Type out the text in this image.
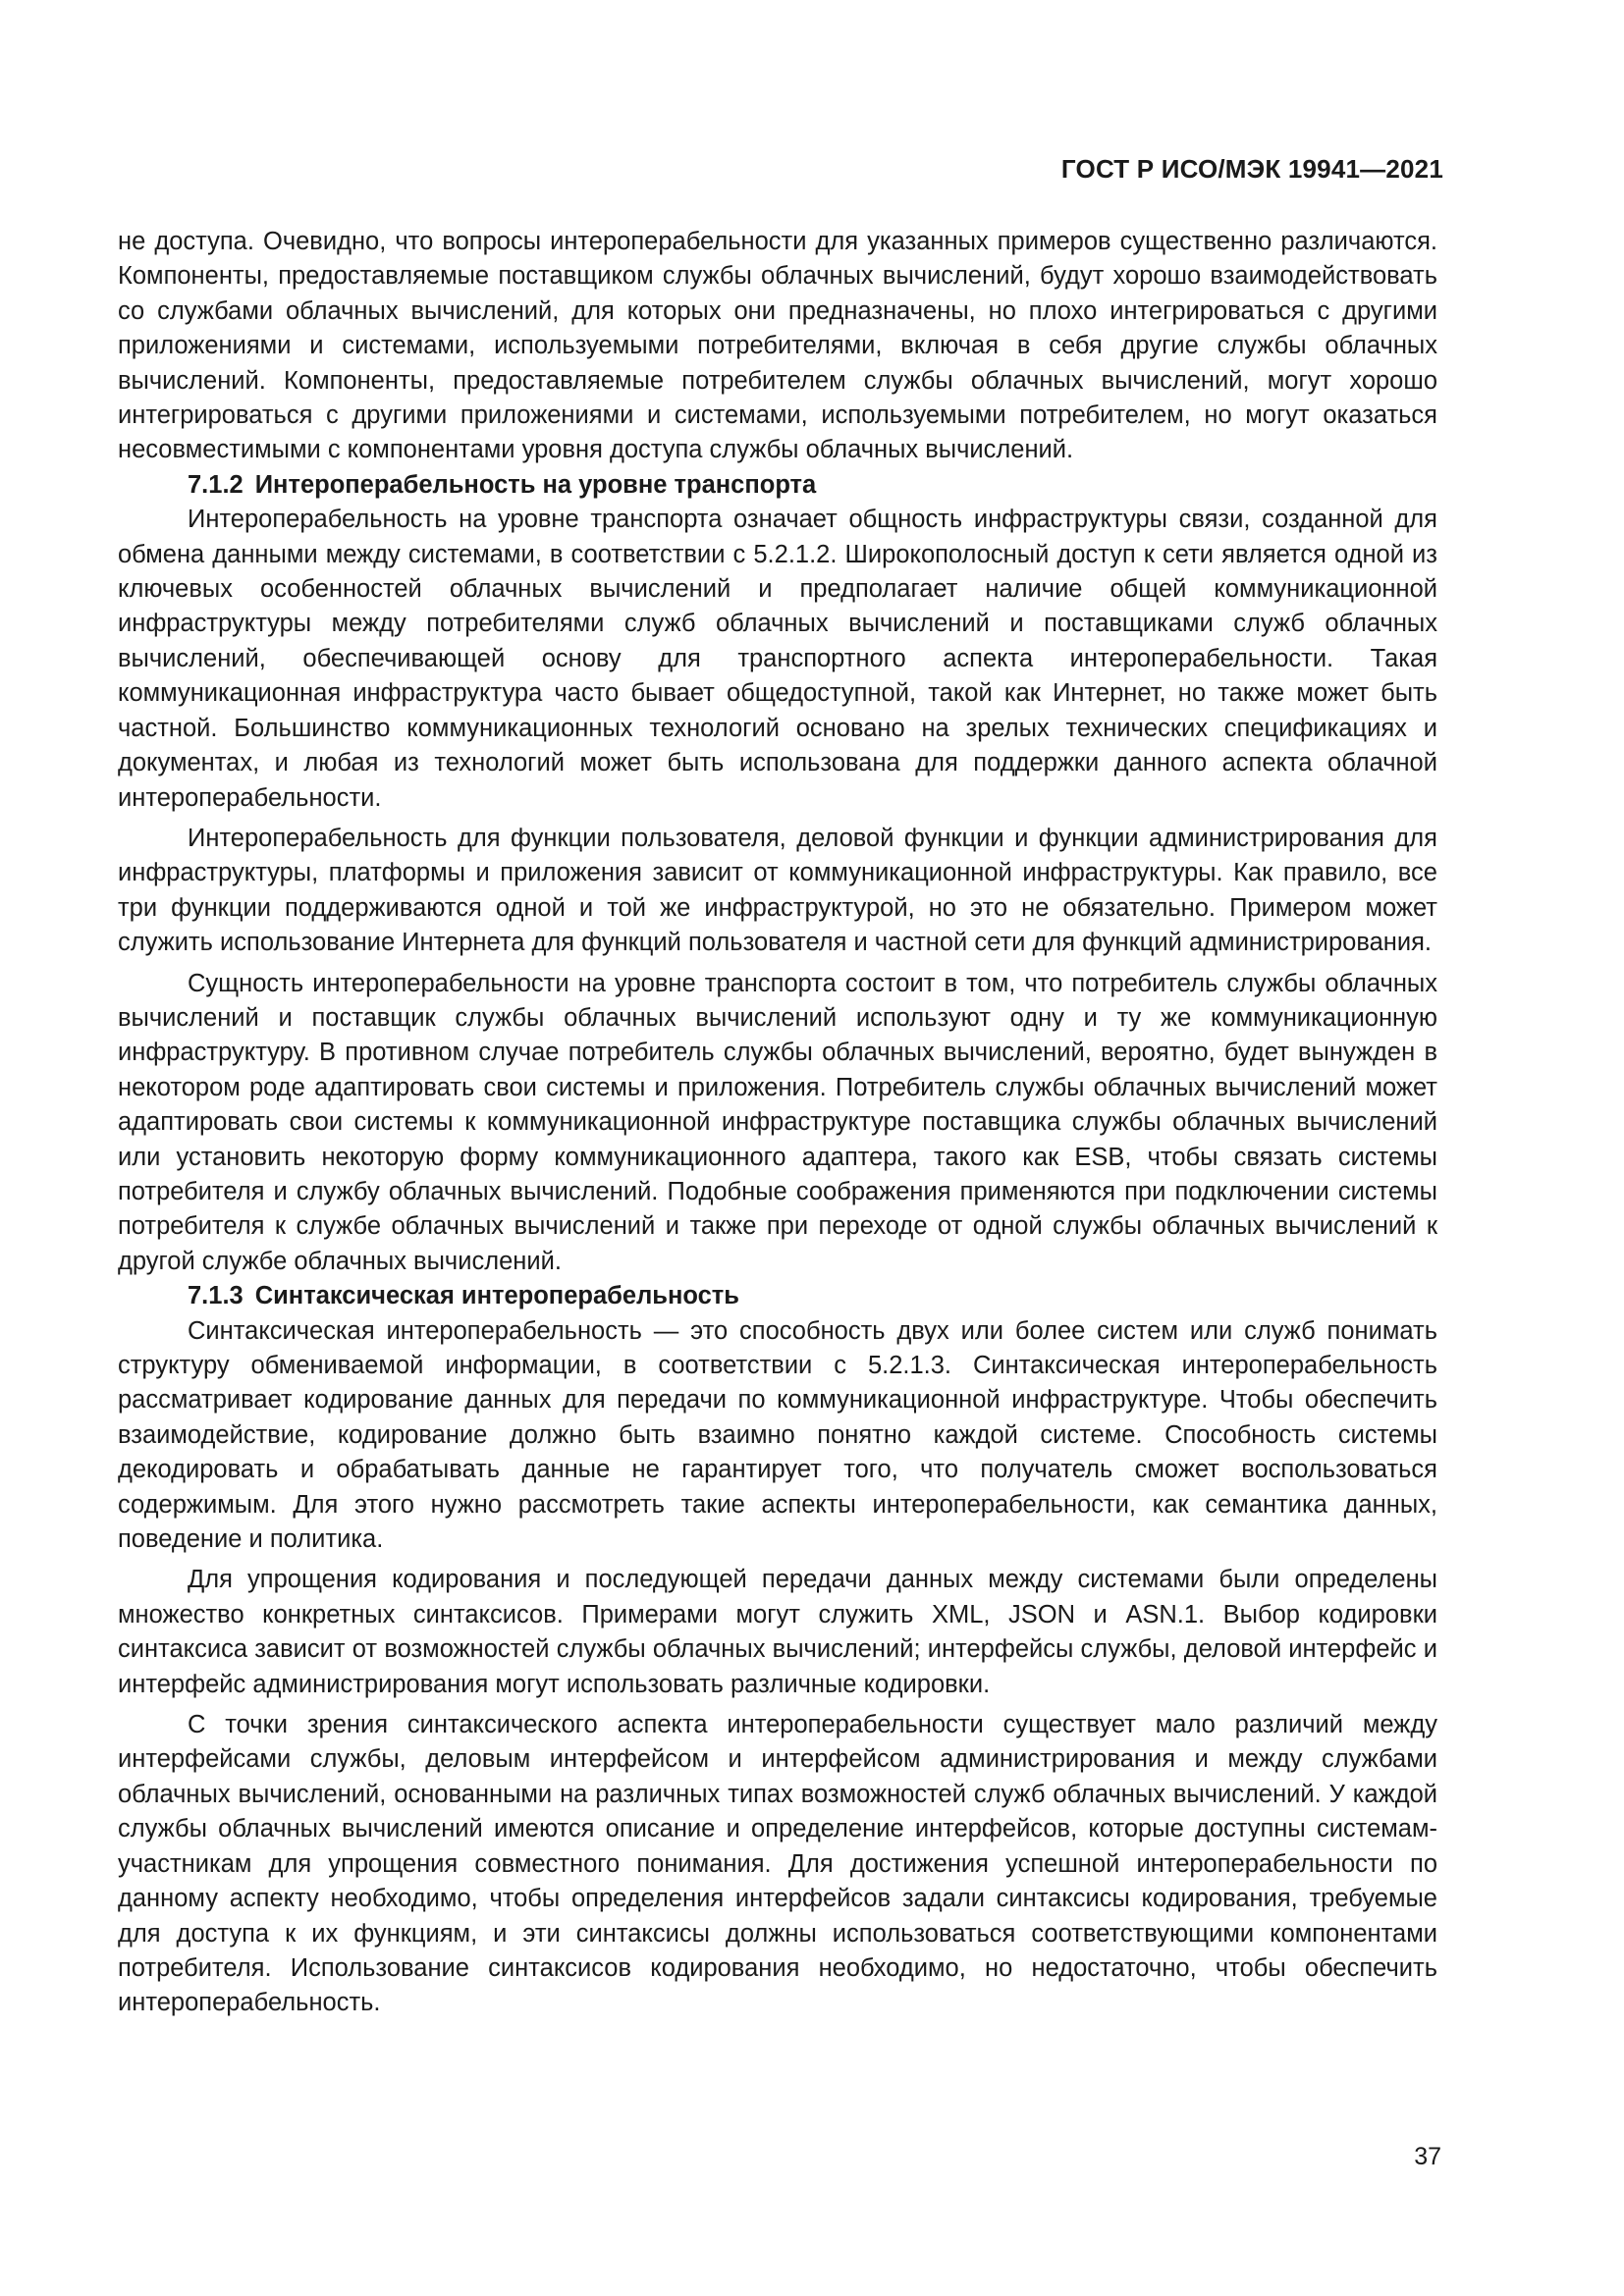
ГОСТ Р ИСО/МЭК 19941—2021

не доступа. Очевидно, что вопросы интероперабельности для указанных примеров существенно различаются. Компоненты, предоставляемые поставщиком службы облачных вычислений, будут хорошо взаимодействовать со службами облачных вычислений, для которых они предназначены, но плохо интегрироваться с другими приложениями и системами, используемыми потребителями, включая в себя другие службы облачных вычислений. Компоненты, предоставляемые потребителем службы облачных вычислений, могут хорошо интегрироваться с другими приложениями и системами, используемыми потребителем, но могут оказаться несовместимыми с компонентами уровня доступа службы облачных вычислений.

7.1.2 Интероперабельность на уровне транспорта

Интероперабельность на уровне транспорта означает общность инфраструктуры связи, созданной для обмена данными между системами, в соответствии с 5.2.1.2. Широкополосный доступ к сети является одной из ключевых особенностей облачных вычислений и предполагает наличие общей коммуникационной инфраструктуры между потребителями служб облачных вычислений и поставщиками служб облачных вычислений, обеспечивающей основу для транспортного аспекта интероперабельности. Такая коммуникационная инфраструктура часто бывает общедоступной, такой как Интернет, но также может быть частной. Большинство коммуникационных технологий основано на зрелых технических спецификациях и документах, и любая из технологий может быть использована для поддержки данного аспекта облачной интероперабельности.

Интероперабельность для функции пользователя, деловой функции и функции администрирования для инфраструктуры, платформы и приложения зависит от коммуникационной инфраструктуры. Как правило, все три функции поддерживаются одной и той же инфраструктурой, но это не обязательно. Примером может служить использование Интернета для функций пользователя и частной сети для функций администрирования.

Сущность интероперабельности на уровне транспорта состоит в том, что потребитель службы облачных вычислений и поставщик службы облачных вычислений используют одну и ту же коммуникационную инфраструктуру. В противном случае потребитель службы облачных вычислений, вероятно, будет вынужден в некотором роде адаптировать свои системы и приложения. Потребитель службы облачных вычислений может адаптировать свои системы к коммуникационной инфраструктуре поставщика службы облачных вычислений или установить некоторую форму коммуникационного адаптера, такого как ESB, чтобы связать системы потребителя и службу облачных вычислений. Подобные соображения применяются при подключении системы потребителя к службе облачных вычислений и также при переходе от одной службы облачных вычислений к другой службе облачных вычислений.

7.1.3 Синтаксическая интероперабельность

Синтаксическая интероперабельность — это способность двух или более систем или служб понимать структуру обмениваемой информации, в соответствии с 5.2.1.3. Синтаксическая интероперабельность рассматривает кодирование данных для передачи по коммуникационной инфраструктуре. Чтобы обеспечить взаимодействие, кодирование должно быть взаимно понятно каждой системе. Способность системы декодировать и обрабатывать данные не гарантирует того, что получатель сможет воспользоваться содержимым. Для этого нужно рассмотреть такие аспекты интероперабельности, как семантика данных, поведение и политика.

Для упрощения кодирования и последующей передачи данных между системами были определены множество конкретных синтаксисов. Примерами могут служить XML, JSON и ASN.1. Выбор кодировки синтаксиса зависит от возможностей службы облачных вычислений; интерфейсы службы, деловой интерфейс и интерфейс администрирования могут использовать различные кодировки.

С точки зрения синтаксического аспекта интероперабельности существует мало различий между интерфейсами службы, деловым интерфейсом и интерфейсом администрирования и между службами облачных вычислений, основанными на различных типах возможностей служб облачных вычислений. У каждой службы облачных вычислений имеются описание и определение интерфейсов, которые доступны системам-участникам для упрощения совместного понимания. Для достижения успешной интероперабельности по данному аспекту необходимо, чтобы определения интерфейсов задали синтаксисы кодирования, требуемые для доступа к их функциям, и эти синтаксисы должны использоваться соответствующими компонентами потребителя. Использование синтаксисов кодирования необходимо, но недостаточно, чтобы обеспечить интероперабельность.

37
